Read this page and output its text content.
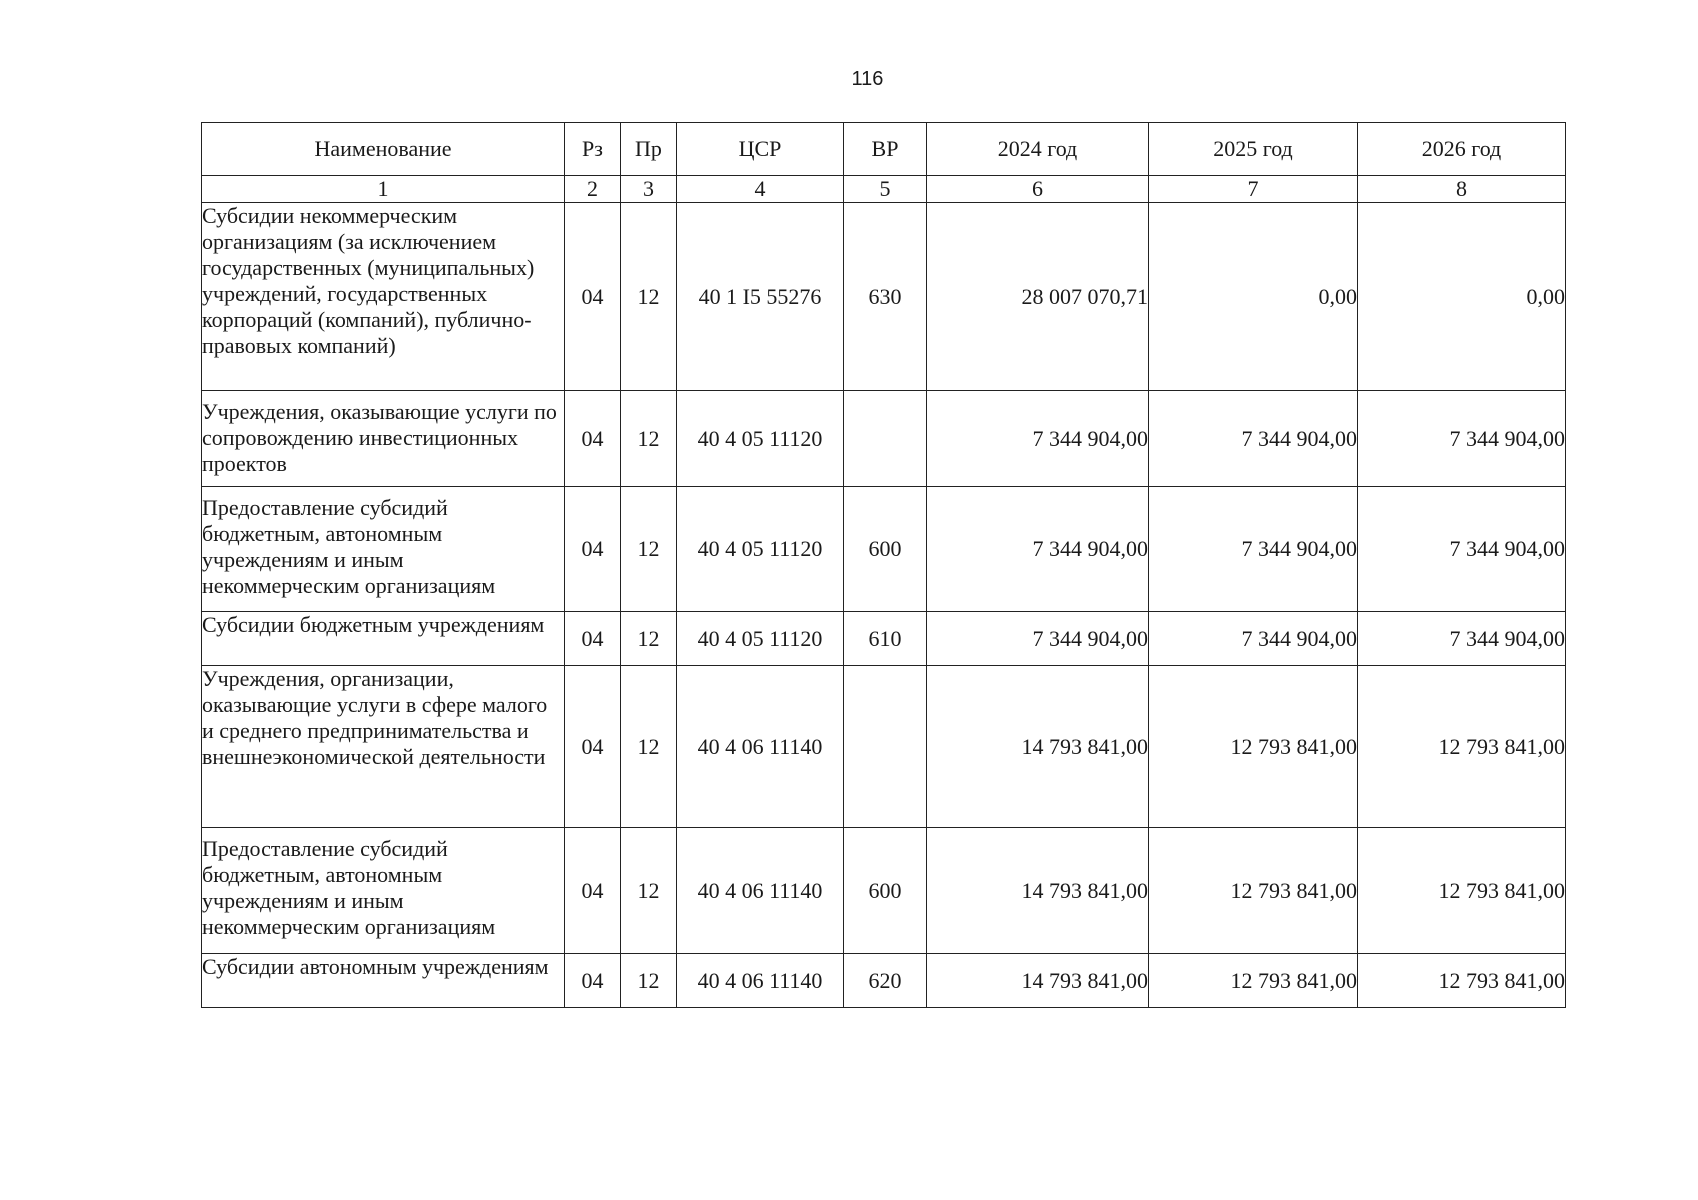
116
Наименование	Рз	Пр	ЦСР	ВР	2024 год	2025 год	2026 год
1	2	3	4	5	6	7	8
Субсидии некоммерческим организациям (за исключением государственных (муниципальных) учреждений, государственных корпораций (компаний), публично-правовых компаний)	04	12	40 1 I5 55276	630	28 007 070,71	0,00	0,00
Учреждения, оказывающие услуги по сопровождению инвестиционных проектов	04	12	40 4 05 11120		7 344 904,00	7 344 904,00	7 344 904,00
Предоставление субсидий бюджетным, автономным учреждениям и иным некоммерческим организациям	04	12	40 4 05 11120	600	7 344 904,00	7 344 904,00	7 344 904,00
Субсидии бюджетным учреждениям	04	12	40 4 05 11120	610	7 344 904,00	7 344 904,00	7 344 904,00
Учреждения, организации, оказывающие услуги в сфере малого и среднего предпринимательства и внешнеэкономической деятельности	04	12	40 4 06 11140		14 793 841,00	12 793 841,00	12 793 841,00
Предоставление субсидий бюджетным, автономным учреждениям и иным некоммерческим организациям	04	12	40 4 06 11140	600	14 793 841,00	12 793 841,00	12 793 841,00
Субсидии автономным учреждениям	04	12	40 4 06 11140	620	14 793 841,00	12 793 841,00	12 793 841,00
